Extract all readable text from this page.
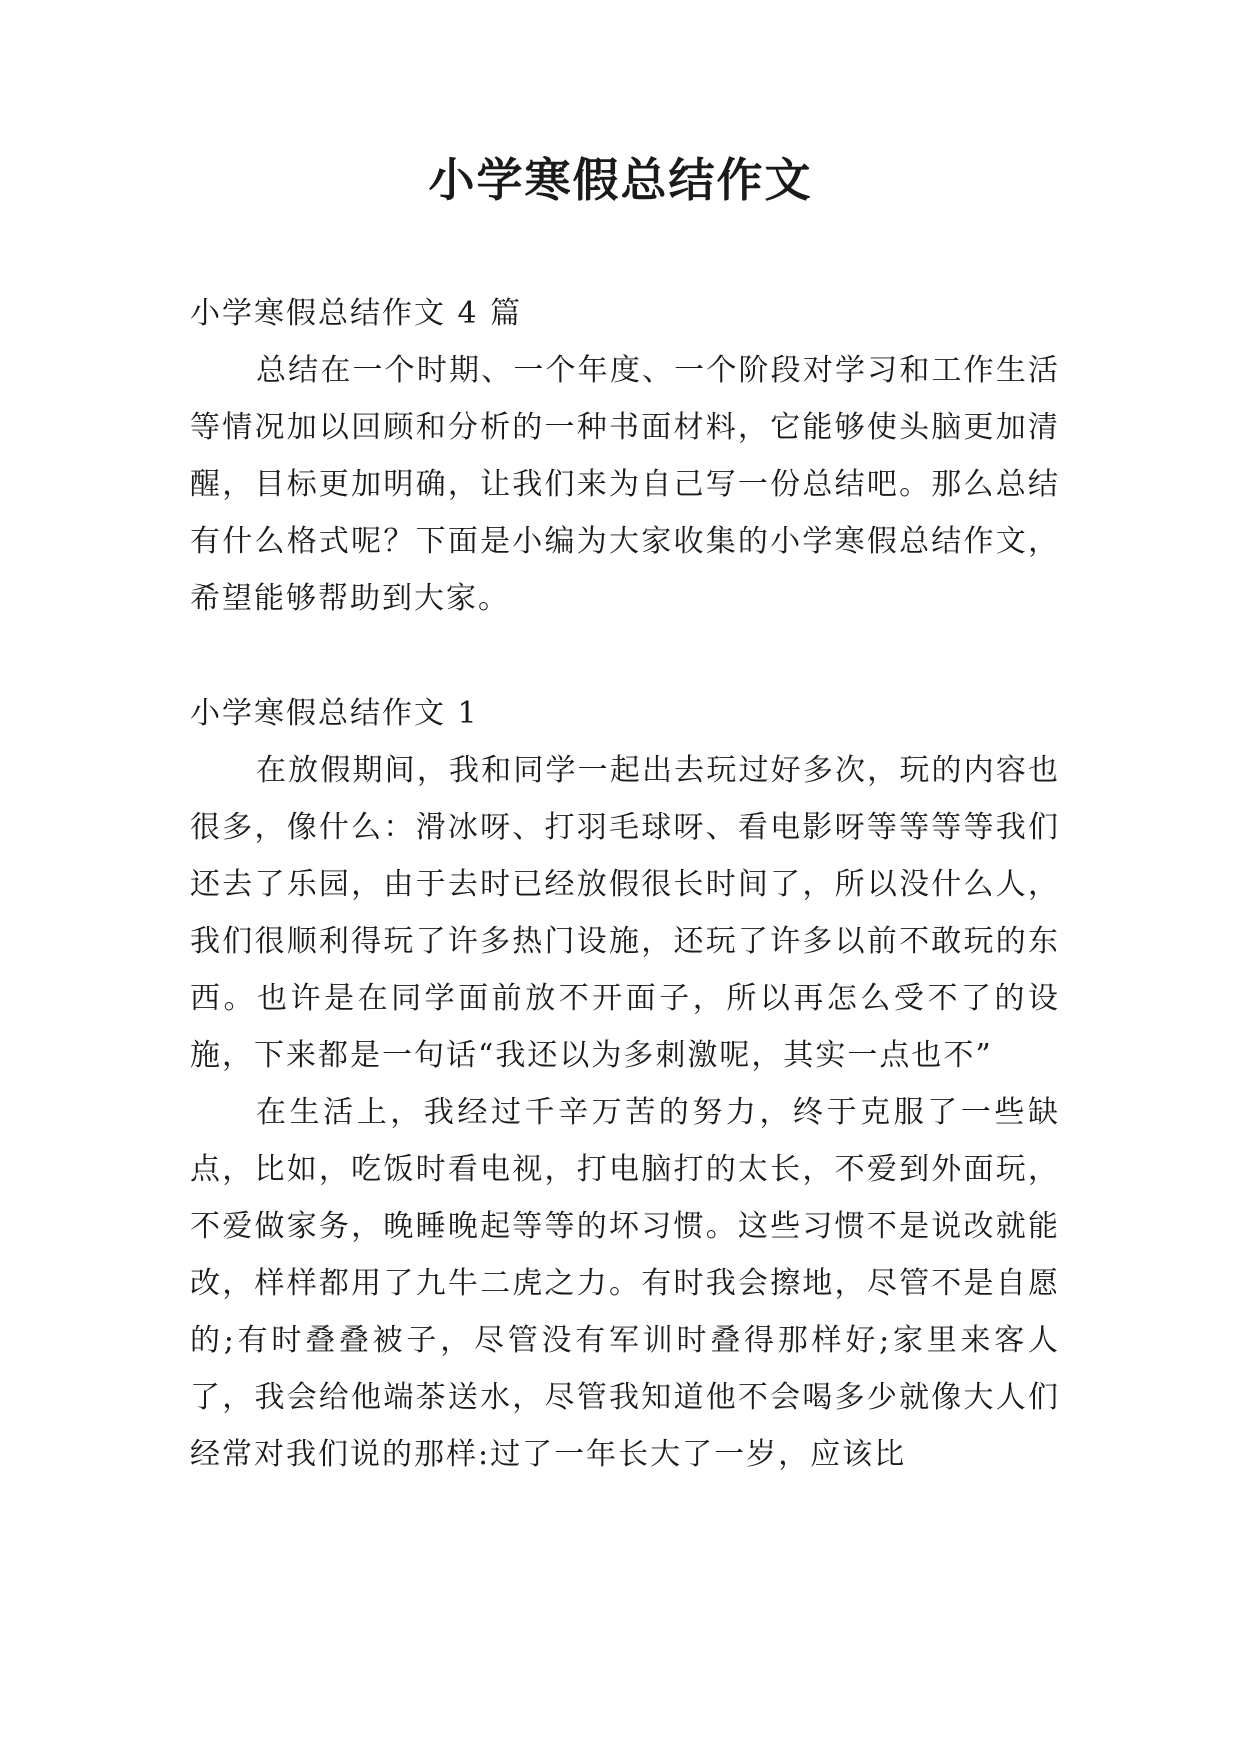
小学寒假总结作文
小学寒假总结作文 4 篇

总结在一个时期、一个年度、一个阶段对学习和工作生活等情况加以回顾和分析的一种书面材料，它能够使头脑更加清醒，目标更加明确，让我们来为自己写一份总结吧。那么总结有什么格式呢？下面是小编为大家收集的小学寒假总结作文，希望能够帮助到大家。

小学寒假总结作文 1

在放假期间，我和同学一起出去玩过好多次，玩的内容也很多，像什么：滑冰呀、打羽毛球呀、看电影呀等等等等我们还去了乐园，由于去时已经放假很长时间了，所以没什么人，我们很顺利得玩了许多热门设施，还玩了许多以前不敢玩的东西。也许是在同学面前放不开面子，所以再怎么受不了的设施，下来都是一句话“我还以为多刺激呢，其实一点也不”

在生活上，我经过千辛万苦的努力，终于克服了一些缺点，比如，吃饭时看电视，打电脑打的太长，不爱到外面玩，不爱做家务，晚睡晚起等等的坏习惯。这些习惯不是说改就能改，样样都用了九牛二虎之力。有时我会擦地，尽管不是自愿的;有时叠叠被子，尽管没有军训时叠得那样好;家里来客人了，我会给他端茶送水，尽管我知道他不会喝多少就像大人们经常对我们说的那样:过了一年长大了一岁，应该比
